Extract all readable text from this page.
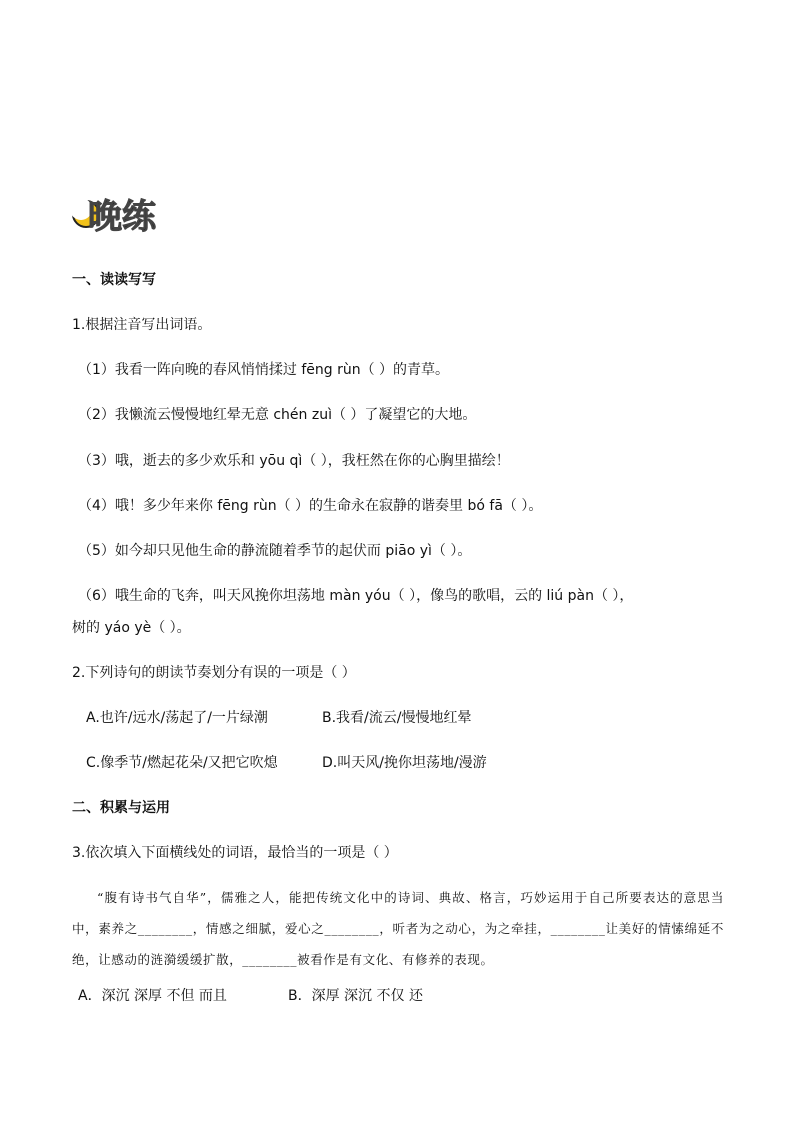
晚练
一、读读写写
1.根据注音写出词语。
（1）我看一阵向晚的春风悄悄揉过 fēng rùn（ ）的青草。
（2）我懒流云慢慢地红晕无意 chén zuì（ ）了凝望它的大地。
（3）哦，逝去的多少欢乐和 yōu qì（ ），我枉然在你的心胸里描绘！
（4）哦！多少年来你 fēng rùn（ ）的生命永在寂静的谐奏里 bó fā（ ）。
（5）如今却只见他生命的静流随着季节的起伏而 piāo yì（ ）。
（6）哦生命的飞奔，叫天风挽你坦荡地 màn yóu（ ），像鸟的歌唱，云的 liú pàn（ ），
树的 yáo yè（ ）。
2.下列诗句的朗读节奏划分有误的一项是（ ）
A.也许/远水/荡起了/一片绿潮	B.我看/流云/慢慢地红晕
C.像季节/燃起花朵/又把它吹熄	D.叫天风/挽你坦荡地/漫游
二、积累与运用
3.依次填入下面横线处的词语，最恰当的一项是（ ）
“腹有诗书气自华”，儒雅之人，能把传统文化中的诗词、典故、格言，巧妙运用于自己所要表达的意思当中，素养之________，情感之细腻，爱心之________，听者为之动心，为之牵挂，________让美好的情愫绵延不绝，让感动的涟漪缓缓扩散，________被看作是有文化、有修养的表现。
A．深沉 深厚 不但 而且	B．深厚 深沉 不仅 还
